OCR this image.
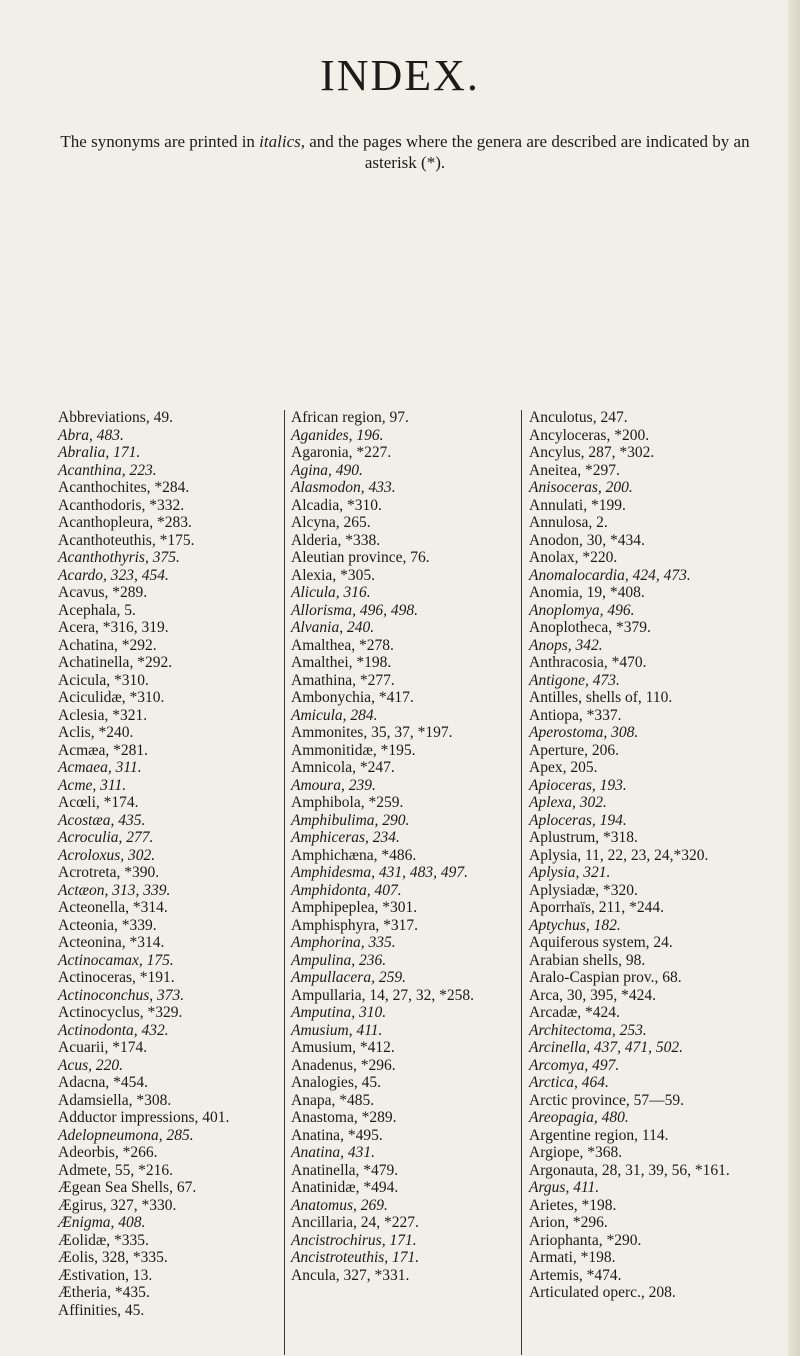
INDEX.
The synonyms are printed in italics, and the pages where the genera are described are indicated by an asterisk (*).

Abbreviations, 49.

Abra, 483.

Abralia, 171.

Acanthina, 223.

Acanthochites, *284.

Acanthodoris, *332.

Acanthopleura, *283.

Acanthoteuthis, *175.

Acanthothyris, 375.

Acardo, 323, 454.

Acavus, *289.

Acephala, 5.

Acera, *316, 319.

Achatina, *292.

Achatinella, *292.

Acicula, *310.

Aciculidæ, *310.

Aclesia, *321.

Aclis, *240.

Acmæa, *281.

Acmaea, 311.

Acme, 311.

Acœli, *174.

Acostæa, 435.

Acroculia, 277.

Acroloxus, 302.

Acrotreta, *390.

Actæon, 313, 339.

Acteonella, *314.

Acteonia, *339.

Acteonina, *314.

Actinocamax, 175.

Actinoceras, *191.

Actinoconchus, 373.

Actinocyclus, *329.

Actinodonta, 432.

Acuarii, *174.

Acus, 220.

Adacna, *454.

Adamsiella, *308.

Adductor impressions, 401.

Adelopneumona, 285.

Adeorbis, *266.

Admete, 55, *216.

Ægean Sea Shells, 67.

Ægirus, 327, *330.

Ænigma, 408.

Æolidæ, *335.

Æolis, 328, *335.

Æstivation, 13.

Ætheria, *435.

Affinities, 45.

African region, 97.

Aganides, 196.

Agaronia, *227.

Agina, 490.

Alasmodon, 433.

Alcadia, *310.

Alcyna, 265.

Alderia, *338.

Aleutian province, 76.

Alexia, *305.

Alicula, 316.

Allorisma, 496, 498.

Alvania, 240.

Amalthea, *278.

Amalthei, *198.

Amathina, *277.

Ambonychia, *417.

Amicula, 284.

Ammonites, 35, 37, *197.

Ammonitidæ, *195.

Amnicola, *247.

Amoura, 239.

Amphibola, *259.

Amphibulima, 290.

Amphiceras, 234.

Amphichæna, *486.

Amphidesma, 431, 483, 497.

Amphidonta, 407.

Amphipeplea, *301.

Amphisphyra, *317.

Amphorina, 335.

Ampulina, 236.

Ampullacera, 259.

Ampullaria, 14, 27, 32, *258.

Amputina, 310.

Amusium, 411.

Amusium, *412.

Anadenus, *296.

Analogies, 45.

Anapa, *485.

Anastoma, *289.

Anatina, *495.

Anatina, 431.

Anatinella, *479.

Anatinidæ, *494.

Anatomus, 269.

Ancillaria, 24, *227.

Ancistrochirus, 171.

Ancistroteuthis, 171.

Ancula, 327, *331.

Anculotus, 247.

Ancyloceras, *200.

Ancylus, 287, *302.

Aneitea, *297.

Anisoceras, 200.

Annulati, *199.

Annulosa, 2.

Anodon, 30, *434.

Anolax, *220.

Anomalocardia, 424, 473.

Anomia, 19, *408.

Anoplomya, 496.

Anoplotheca, *379.

Anops, 342.

Anthracosia, *470.

Antigone, 473.

Antilles, shells of, 110.

Antiopa, *337.

Aperostoma, 308.

Aperture, 206.

Apex, 205.

Apioceras, 193.

Aplexa, 302.

Aploceras, 194.

Aplustrum, *318.

Aplysia, 11, 22, 23, 24,*320.

Aplysia, 321.

Aplysiadæ, *320.

Aporrhaïs, 211, *244.

Aptychus, 182.

Aquiferous system, 24.

Arabian shells, 98.

Aralo-Caspian prov., 68.

Arca, 30, 395, *424.

Arcadæ, *424.

Architectoma, 253.

Arcinella, 437, 471, 502.

Arcomya, 497.

Arctica, 464.

Arctic province, 57—59.

Areopagia, 480.

Argentine region, 114.

Argiope, *368.

Argonauta, 28, 31, 39, 56, *161.

Argus, 411.

Arietes, *198.

Arion, *296.

Ariophanta, *290.

Armati, *198.

Artemis, *474.

Articulated operc., 208.
